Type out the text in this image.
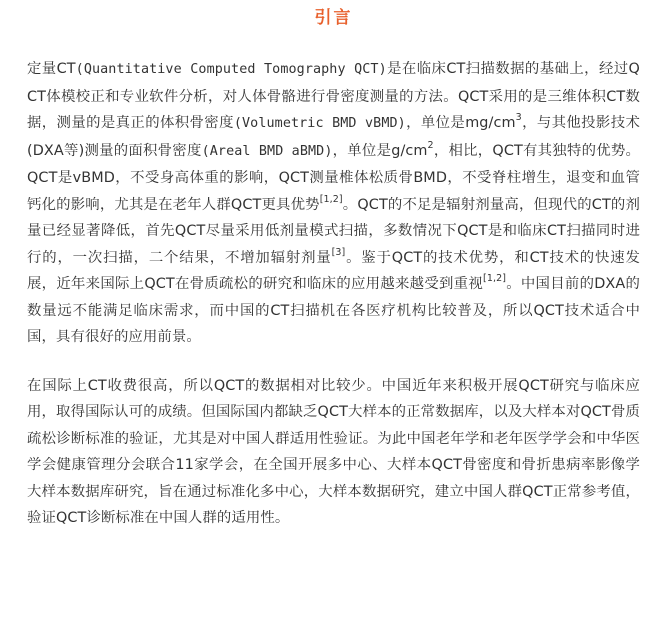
引言

定量CT(Quantitative Computed Tomography QCT)是在临床CT扫描数据的基础上，经过QCT体模校正和专业软件分析，对人体骨骼进行骨密度测量的方法。QCT采用的是三维体积CT数据，测量的是真正的体积骨密度(Volumetric BMD vBMD)，单位是$mg/cm^3$，与其他投影技术(DXA等)测量的面积骨密度(Areal BMD aBMD)，单位是$g/cm^2$，相比，QCT有其独特的优势。QCT是vBMD，不受身高体重的影响，QCT测量椎体松质骨BMD，不受脊柱增生，退变和血管钙化的影响，尤其是在老年人群QCT更具优势[1,2]。QCT的不足是辐射剂量高，但现代的CT的剂量已经显著降低，首先QCT尽量采用低剂量模式扫描，多数情况下QCT是和临床CT扫描同时进行的，一次扫描，二个结果，不增加辐射剂量[3]。鉴于QCT的技术优势，和CT技术的快速发展，近年来国际上QCT在骨质疏松的研究和临床的应用越来越受到重视[1,2]。中国目前的DXA的数量远不能满足临床需求，而中国的CT扫描机在各医疗机构比较普及，所以QCT技术适合中国，具有很好的应用前景。

在国际上CT收费很高，所以QCT的数据相对比较少。中国近年来积极开展QCT研究与临床应用，取得国际认可的成绩。但国际国内都缺乏QCT大样本的正常数据库，以及大样本对QCT骨质疏松诊断标准的验证，尤其是对中国人群适用性验证。为此中国老年学和老年医学学会和中华医学会健康管理分会联合11家学会，在全国开展多中心、大样本QCT骨密度和骨折患病率影像学大样本数据库研究，旨在通过标准化多中心，大样本数据研究，建立中国人群QCT正常参考值，验证QCT诊断标准在中国人群的适用性。
